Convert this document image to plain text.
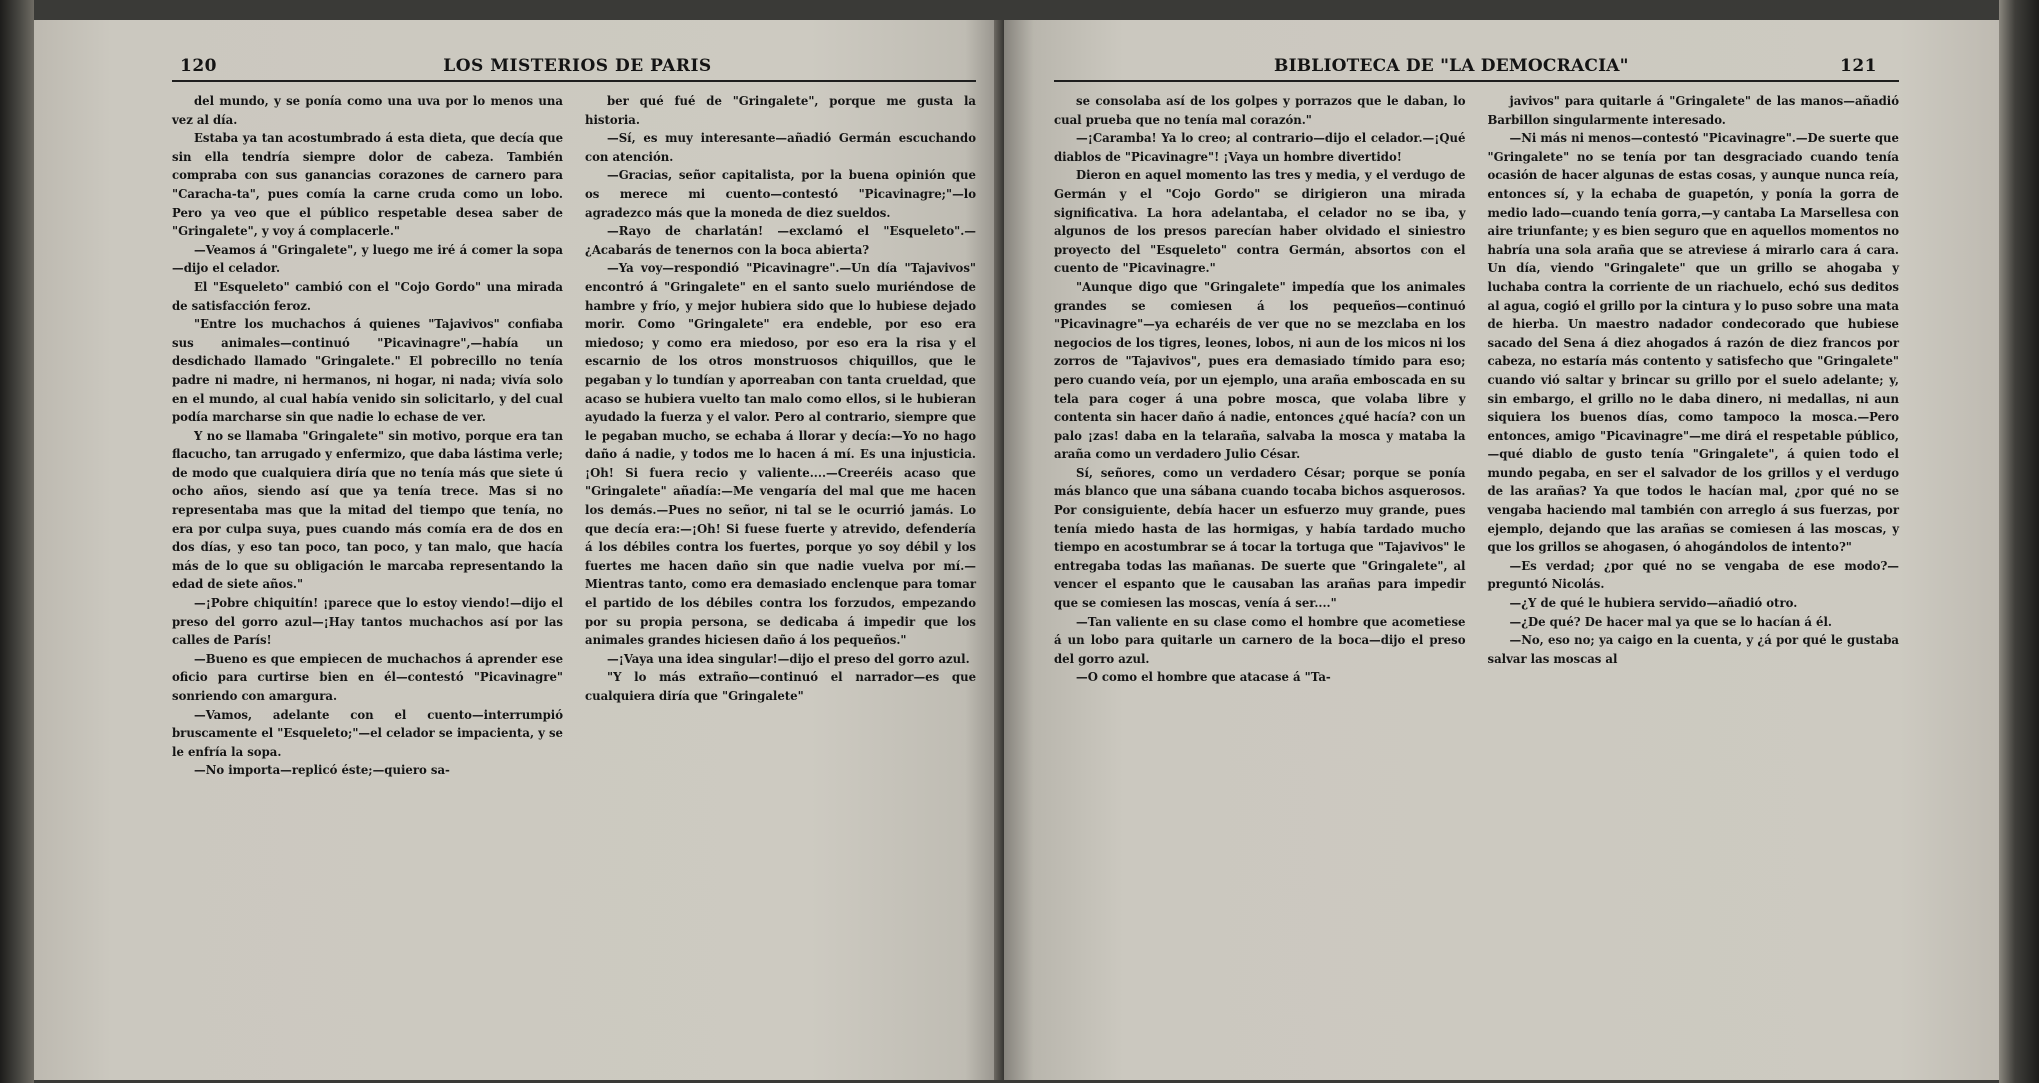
120	LOS MISTERIOS DE PARIS

del mundo, y se ponía como una uva por lo menos una vez al día.

Estaba ya tan acostumbrado á esta dieta, que decía que sin ella tendría siempre dolor de cabeza. También compraba con sus ganancias corazones de carnero para "Caracha-ta", pues comía la carne cruda como un lobo. Pero ya veo que el público respetable desea saber de "Gringalete", y voy á complacerle."

—Veamos á "Gringalete", y luego me iré á comer la sopa—dijo el celador.

El "Esqueleto" cambió con el "Cojo Gordo" una mirada de satisfacción feroz.

"Entre los muchachos á quienes "Tajavivos" confiaba sus animales—continuó "Picavinagre",—había un desdichado llamado "Gringalete." El pobrecillo no tenía padre ni madre, ni hermanos, ni hogar, ni nada; vivía solo en el mundo, al cual había venido sin solicitarlo, y del cual podía marcharse sin que nadie lo echase de ver.

Y no se llamaba "Gringalete" sin motivo, porque era tan flacucho, tan arrugado y enfermizo, que daba lástima verle; de modo que cualquiera diría que no tenía más que siete ú ocho años, siendo así que ya tenía trece. Mas si no representaba mas que la mitad del tiempo que tenía, no era por culpa suya, pues cuando más comía era de dos en dos días, y eso tan poco, tan poco, y tan malo, que hacía más de lo que su obligación le marcaba representando la edad de siete años."

—¡Pobre chiquitín! ¡parece que lo estoy viendo!—dijo el preso del gorro azul—¡Hay tantos muchachos así por las calles de París!

—Bueno es que empiecen de muchachos á aprender ese oficio para curtirse bien en él—contestó "Picavinagre" sonriendo con amargura.

—Vamos, adelante con el cuento—interrumpió bruscamente el "Esqueleto;"—el celador se impacienta, y se le enfría la sopa.

—No importa—replicó éste;—quiero sa-

ber qué fué de "Gringalete", porque me gusta la historia.

—Sí, es muy interesante—añadió Germán escuchando con atención.

—Gracias, señor capitalista, por la buena opinión que os merece mi cuento—contestó "Picavinagre;"—lo agradezco más que la moneda de diez sueldos.

—Rayo de charlatán! —exclamó el "Esqueleto".—¿Acabarás de tenernos con la boca abierta?

—Ya voy—respondió "Picavinagre".—Un día "Tajavivos" encontró á "Gringalete" en el santo suelo muriéndose de hambre y frío, y mejor hubiera sido que lo hubiese dejado morir. Como "Gringalete" era endeble, por eso era miedoso; y como era miedoso, por eso era la risa y el escarnio de los otros monstruosos chiquillos, que le pegaban y lo tundían y aporreaban con tanta crueldad, que acaso se hubiera vuelto tan malo como ellos, si le hubieran ayudado la fuerza y el valor. Pero al contrario, siempre que le pegaban mucho, se echaba á llorar y decía:—Yo no hago daño á nadie, y todos me lo hacen á mí. Es una injusticia. ¡Oh! Si fuera recio y valiente....—Creeréis acaso que "Gringalete" añadía:—Me vengaría del mal que me hacen los demás.—Pues no señor, ni tal se le ocurrió jamás. Lo que decía era:—¡Oh! Si fuese fuerte y atrevido, defendería á los débiles contra los fuertes, porque yo soy débil y los fuertes me hacen daño sin que nadie vuelva por mí.—Mientras tanto, como era demasiado enclenque para tomar el partido de los débiles contra los forzudos, empezando por su propia persona, se dedicaba á impedir que los animales grandes hiciesen daño á los pequeños."

—¡Vaya una idea singular!—dijo el preso del gorro azul.

"Y lo más extraño—continuó el narrador—es que cualquiera diría que "Gringalete"

BIBLIOTECA DE "LA DEMOCRACIA"	121

se consolaba así de los golpes y porrazos que le daban, lo cual prueba que no tenía mal corazón."

—¡Caramba! Ya lo creo; al contrario—dijo el celador.—¡Qué diablos de "Picavinagre"! ¡Vaya un hombre divertido!

Dieron en aquel momento las tres y media, y el verdugo de Germán y el "Cojo Gordo" se dirigieron una mirada significativa. La hora adelantaba, el celador no se iba, y algunos de los presos parecían haber olvidado el siniestro proyecto del "Esqueleto" contra Germán, absortos con el cuento de "Picavinagre."

"Aunque digo que "Gringalete" impedía que los animales grandes se comiesen á los pequeños—continuó "Picavinagre"—ya echaréis de ver que no se mezclaba en los negocios de los tigres, leones, lobos, ni aun de los micos ni los zorros de "Tajavivos", pues era demasiado tímido para eso; pero cuando veía, por un ejemplo, una araña emboscada en su tela para coger á una pobre mosca, que volaba libre y contenta sin hacer daño á nadie, entonces ¿qué hacía? con un palo ¡zas! daba en la telaraña, salvaba la mosca y mataba la araña como un verdadero Julio César.

Sí, señores, como un verdadero César; porque se ponía más blanco que una sábana cuando tocaba bichos asquerosos. Por consiguiente, debía hacer un esfuerzo muy grande, pues tenía miedo hasta de las hormigas, y había tardado mucho tiempo en acostumbrar se á tocar la tortuga que "Tajavivos" le entregaba todas las mañanas. De suerte que "Gringalete", al vencer el espanto que le causaban las arañas para impedir que se comiesen las moscas, venía á ser...."

—Tan valiente en su clase como el hombre que acometiese á un lobo para quitarle un carnero de la boca—dijo el preso del gorro azul.

—O como el hombre que atacase á "Ta-

javivos" para quitarle á "Gringalete" de las manos—añadió Barbillon singularmente interesado.

—Ni más ni menos—contestó "Picavinagre".—De suerte que "Gringalete" no se tenía por tan desgraciado cuando tenía ocasión de hacer algunas de estas cosas, y aunque nunca reía, entonces sí, y la echaba de guapetón, y ponía la gorra de medio lado—cuando tenía gorra,—y cantaba La Marsellesa con aire triunfante; y es bien seguro que en aquellos momentos no habría una sola araña que se atreviese á mirarlo cara á cara. Un día, viendo "Gringalete" que un grillo se ahogaba y luchaba contra la corriente de un riachuelo, echó sus deditos al agua, cogió el grillo por la cintura y lo puso sobre una mata de hierba. Un maestro nadador condecorado que hubiese sacado del Sena á diez ahogados á razón de diez francos por cabeza, no estaría más contento y satisfecho que "Gringalete" cuando vió saltar y brincar su grillo por el suelo adelante; y, sin embargo, el grillo no le daba dinero, ni medallas, ni aun siquiera los buenos días, como tampoco la mosca.—Pero entonces, amigo "Picavinagre"—me dirá el respetable público,—qué diablo de gusto tenía "Gringalete", á quien todo el mundo pegaba, en ser el salvador de los grillos y el verdugo de las arañas? Ya que todos le hacían mal, ¿por qué no se vengaba haciendo mal también con arreglo á sus fuerzas, por ejemplo, dejando que las arañas se comiesen á las moscas, y que los grillos se ahogasen, ó ahogándolos de intento?"

—Es verdad; ¿por qué no se vengaba de ese modo?—preguntó Nicolás.

—¿Y de qué le hubiera servido—añadió otro.

—¿De qué? De hacer mal ya que se lo hacían á él.

—No, eso no; ya caigo en la cuenta, y ¿á por qué le gustaba salvar las moscas al
